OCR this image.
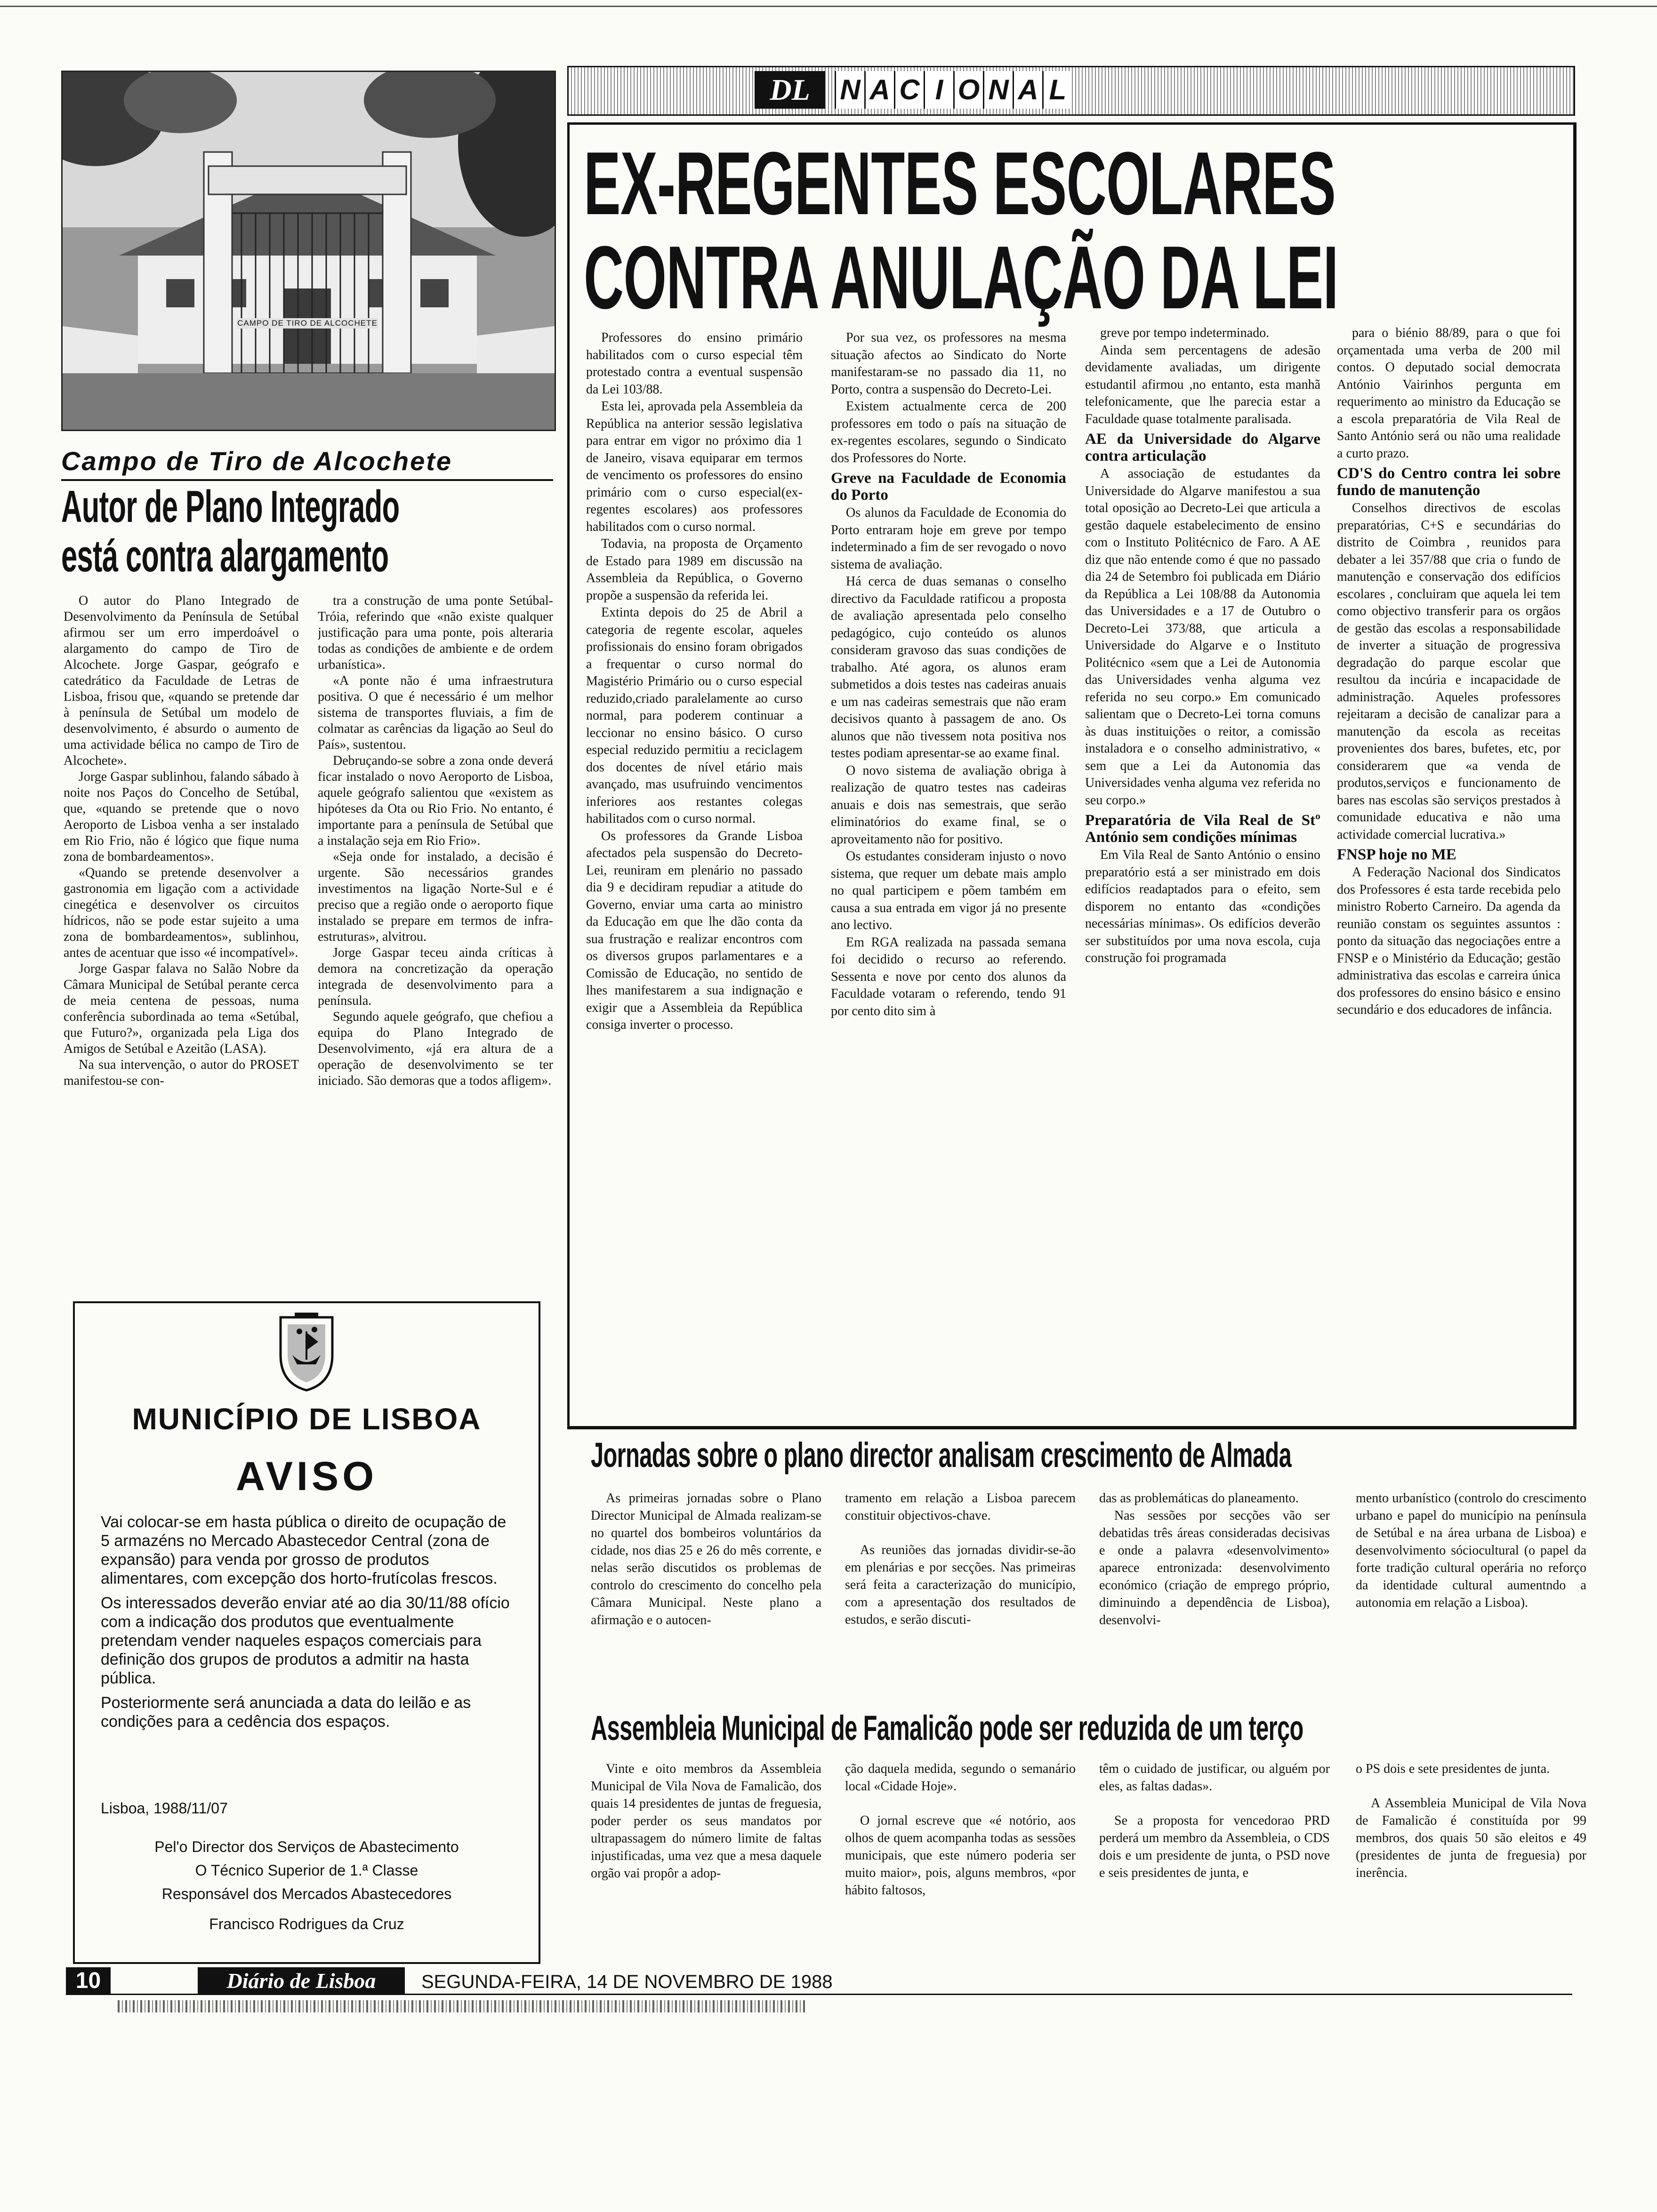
DL	N A C I O N A L
EX-REGENTES ESCOLARES
CONTRA ANULAÇÃO DA LEI

Professores do ensino primário habilitados com o curso especial têm protestado contra a eventual suspensão da Lei 103/88.

Esta lei, aprovada pela Assembleia da República na anterior sessão legislativa para entrar em vigor no próximo dia 1 de Janeiro, visava equiparar em termos de vencimento os professores do ensino primário com o curso especial(ex-regentes escolares) aos professores habilitados com o curso normal.

Todavia, na proposta de Orçamento de Estado para 1989 em discussão na Assembleia da República, o Governo propõe a suspensão da referida lei.

Extinta depois do 25 de Abril a categoria de regente escolar, aqueles profissionais do ensino foram obrigados a frequentar o curso normal do Magistério Primário ou o curso especial reduzido,criado paralelamente ao curso normal, para poderem continuar a leccionar no ensino básico. O curso especial reduzido permitiu a reciclagem dos docentes de nível etário mais avançado, mas usufruindo vencimentos inferiores aos restantes colegas habilitados com o curso normal.

Os professores da Grande Lisboa afectados pela suspensão do Decreto-Lei, reuniram em plenário no passado dia 9 e decidiram repudiar a atitude do Governo, enviar uma carta ao ministro da Educação em que lhe dão conta da sua frustração e realizar encontros com os diversos grupos parlamentares e a Comissão de Educação, no sentido de lhes manifestarem a sua indignação e exigir que a Assembleia da República consiga inverter o processo.

Por sua vez, os professores na mesma situação afectos ao Sindicato do Norte manifestaram-se no passado dia 11, no Porto, contra a suspensão do Decreto-Lei.

Existem actualmente cerca de 200 professores em todo o país na situação de ex-regentes escolares, segundo o Sindicato dos Professores do Norte.

Greve na Faculdade de Economia do Porto

Os alunos da Faculdade de Economia do Porto entraram hoje em greve por tempo indeterminado a fim de ser revogado o novo sistema de avaliação.

Há cerca de duas semanas o conselho directivo da Faculdade ratificou a proposta de avaliação apresentada pelo conselho pedagógico, cujo conteúdo os alunos consideram gravoso das suas condições de trabalho. Até agora, os alunos eram submetidos a dois testes nas cadeiras anuais e um nas cadeiras semestrais que não eram decisivos quanto à passagem de ano. Os alunos que não tivessem nota positiva nos testes podiam apresentar-se ao exame final.

O novo sistema de avaliação obriga à realização de quatro testes nas cadeiras anuais e dois nas semestrais, que serão eliminatórios do exame final, se o aproveitamento não for positivo.

Os estudantes consideram injusto o novo sistema, que requer um debate mais amplo no qual participem e põem também em causa a sua entrada em vigor já no presente ano lectivo.

Em RGA realizada na passada semana foi decidido o recurso ao referendo. Sessenta e nove por cento dos alunos da Faculdade votaram o referendo, tendo 91 por cento dito sim à

greve por tempo indeterminado.

Ainda sem percentagens de adesão devidamente avaliadas, um dirigente estudantil afirmou ,no entanto, esta manhã telefonicamente, que lhe parecia estar a Faculdade quase totalmente paralisada.

AE da Universidade do Algarve contra articulação

A associação de estudantes da Universidade do Algarve manifestou a sua total oposição ao Decreto-Lei que articula a gestão daquele estabelecimento de ensino com o Instituto Politécnico de Faro. A AE diz que não entende como é que no passado dia 24 de Setembro foi publicada em Diário da República a Lei 108/88 da Autonomia das Universidades e a 17 de Outubro o Decreto-Lei 373/88, que articula a Universidade do Algarve e o Instituto Politécnico «sem que a Lei de Autonomia das Universidades venha alguma vez referida no seu corpo.» Em comunicado salientam que o Decreto-Lei torna comuns às duas instituições o reitor, a comissão instaladora e o conselho administrativo, « sem que a Lei da Autonomia das Universidades venha alguma vez referida no seu corpo.»

Preparatória de Vila Real de Stº António sem condições mínimas

Em Vila Real de Santo António o ensino preparatório está a ser ministrado em dois edifícios readaptados para o efeito, sem disporem no entanto das «condições necessárias mínimas». Os edifícios deverão ser substituídos por uma nova escola, cuja construção foi programada

para o biénio 88/89, para o que foi orçamentada uma verba de 200 mil contos. O deputado social democrata António Vairinhos pergunta em requerimento ao ministro da Educação se a escola preparatória de Vila Real de Santo António será ou não uma realidade a curto prazo.

CD'S do Centro contra lei sobre fundo de manutenção

Conselhos directivos de escolas preparatórias, C+S e secundárias do distrito de Coimbra , reunidos para debater a lei 357/88 que cria o fundo de manutenção e conservação dos edifícios escolares , concluiram que aquela lei tem como objectivo transferir para os orgãos de gestão das escolas a responsabilidade de inverter a situação de progressiva degradação do parque escolar que resultou da incúria e incapacidade de administração. Aqueles professores rejeitaram a decisão de canalizar para a manutenção da escola as receitas provenientes dos bares, bufetes, etc, por considerarem que «a venda de produtos,serviços e funcionamento de bares nas escolas são serviços prestados à comunidade educativa e não uma actividade comercial lucrativa.»

FNSP hoje no ME

A Federação Nacional dos Sindicatos dos Professores é esta tarde recebida pelo ministro Roberto Carneiro. Da agenda da reunião constam os seguintes assuntos : ponto da situação das negociações entre a FNSP e o Ministério da Educação; gestão administrativa das escolas e carreira única dos professores do ensino básico e ensino secundário e dos educadores de infância.

CAMPO DE TIRO DE ALCOCHETE
Campo de Tiro de Alcochete
Autor de Plano Integrado
está contra alargamento

O autor do Plano Integrado de Desenvolvimento da Península de Setúbal afirmou ser um erro imperdoável o alargamento do campo de Tiro de Alcochete. Jorge Gaspar, geógrafo e catedrático da Faculdade de Letras de Lisboa, frisou que, «quando se pretende dar à península de Setúbal um modelo de desenvolvimento, é absurdo o aumento de uma actividade bélica no campo de Tiro de Alcochete».

Jorge Gaspar sublinhou, falando sábado à noite nos Paços do Concelho de Setúbal, que, «quando se pretende que o novo Aeroporto de Lisboa venha a ser instalado em Rio Frio, não é lógico que fique numa zona de bombardeamentos».

«Quando se pretende desenvolver a gastronomia em ligação com a actividade cinegética e desenvolver os circuitos hídricos, não se pode estar sujeito a uma zona de bombardeamentos», sublinhou, antes de acentuar que isso «é incompatível».

Jorge Gaspar falava no Salão Nobre da Câmara Municipal de Setúbal perante cerca de meia centena de pessoas, numa conferência subordinada ao tema «Setúbal, que Futuro?», organizada pela Liga dos Amigos de Setúbal e Azeitão (LASA).

Na sua intervenção, o autor do PROSET manifestou-se con-

tra a construção de uma ponte Setúbal-Tróia, referindo que «não existe qualquer justificação para uma ponte, pois alteraria todas as condições de ambiente e de ordem urbanística».

«A ponte não é uma infraestrutura positiva. O que é necessário é um melhor sistema de transportes fluviais, a fim de colmatar as carências da ligação ao Seul do País», sustentou.

Debruçando-se sobre a zona onde deverá ficar instalado o novo Aeroporto de Lisboa, aquele geógrafo salientou que «existem as hipóteses da Ota ou Rio Frio. No entanto, é importante para a península de Setúbal que a instalação seja em Rio Frio».

«Seja onde for instalado, a decisão é urgente. São necessários grandes investimentos na ligação Norte-Sul e é preciso que a região onde o aeroporto fique instalado se prepare em termos de infra-estruturas», alvitrou.

Jorge Gaspar teceu ainda críticas à demora na concretização da operação integrada de desenvolvimento para a península.

Segundo aquele geógrafo, que chefiou a equipa do Plano Integrado de Desenvolvimento, «já era altura de a operação de desenvolvimento se ter iniciado. São demoras que a todos afligem».

MUNICÍPIO DE LISBOA
AVISO

Vai colocar-se em hasta pública o direito de ocupação de 5 armazéns no Mercado Abastecedor Central (zona de expansão) para venda por grosso de produtos alimentares, com excepção dos horto-frutícolas frescos.

Os interessados deverão enviar até ao dia 30/11/88 ofício com a indicação dos produtos que eventualmente pretendam vender naqueles espaços comerciais para definição dos grupos de produtos a admitir na hasta pública.

Posteriormente será anunciada a data do leilão e as condições para a cedência dos espaços.

Lisboa, 1988/11/07
Pel'o Director dos Serviços de Abastecimento
O Técnico Superior de 1.ª Classe
Responsável dos Mercados Abastecedores
Francisco Rodrigues da Cruz
Jornadas sobre o plano director analisam crescimento de Almada

As primeiras jornadas sobre o Plano Director Municipal de Almada realizam-se no quartel dos bombeiros voluntários da cidade, nos dias 25 e 26 do mês corrente, e nelas serão discutidos os problemas de controlo do crescimento do concelho pela Câmara Municipal. Neste plano a afirmação e o autocen-

tramento em relação a Lisboa parecem constituir objectivos-chave.

As reuniões das jornadas dividir-se-ão em plenárias e por secções. Nas primeiras será feita a caracterização do município, com a apresentação dos resultados de estudos, e serão discuti-

das as problemáticas do planeamento.

Nas sessões por secções vão ser debatidas três áreas consideradas decisivas e onde a palavra «desenvolvimento» aparece entronizada: desenvolvimento económico (criação de emprego próprio, diminuindo a dependência de Lisboa), desenvolvi-

mento urbanístico (controlo do crescimento urbano e papel do município na península de Setúbal e na área urbana de Lisboa) e desenvolvimento sóciocultural (o papel da forte tradição cultural operária no reforço da identidade cultural aumentndo a autonomia em relação a Lisboa).

Assembleia Municipal de Famalicão pode ser reduzida de um terço

Vinte e oito membros da Assembleia Municipal de Vila Nova de Famalicão, dos quais 14 presidentes de juntas de freguesia, poder perder os seus mandatos por ultrapassagem do número limite de faltas injustificadas, uma vez que a mesa daquele orgão vai propôr a adop-

ção daquela medida, segundo o semanário local «Cidade Hoje».

O jornal escreve que «é notório, aos olhos de quem acompanha todas as sessões municipais, que este número poderia ser muito maior», pois, alguns membros, «por hábito faltosos,

têm o cuidado de justificar, ou alguém por eles, as faltas dadas».

Se a proposta for vencedorao PRD perderá um membro da Assembleia, o CDS dois e um presidente de junta, o PSD nove e seis presidentes de junta, e

o PS dois e sete presidentes de junta.

A Assembleia Municipal de Vila Nova de Famalicão é constituída por 99 membros, dos quais 50 são eleitos e 49 (presidentes de junta de freguesia) por inerência.

10	Diário de Lisboa	SEGUNDA-FEIRA, 14 DE NOVEMBRO DE 1988
